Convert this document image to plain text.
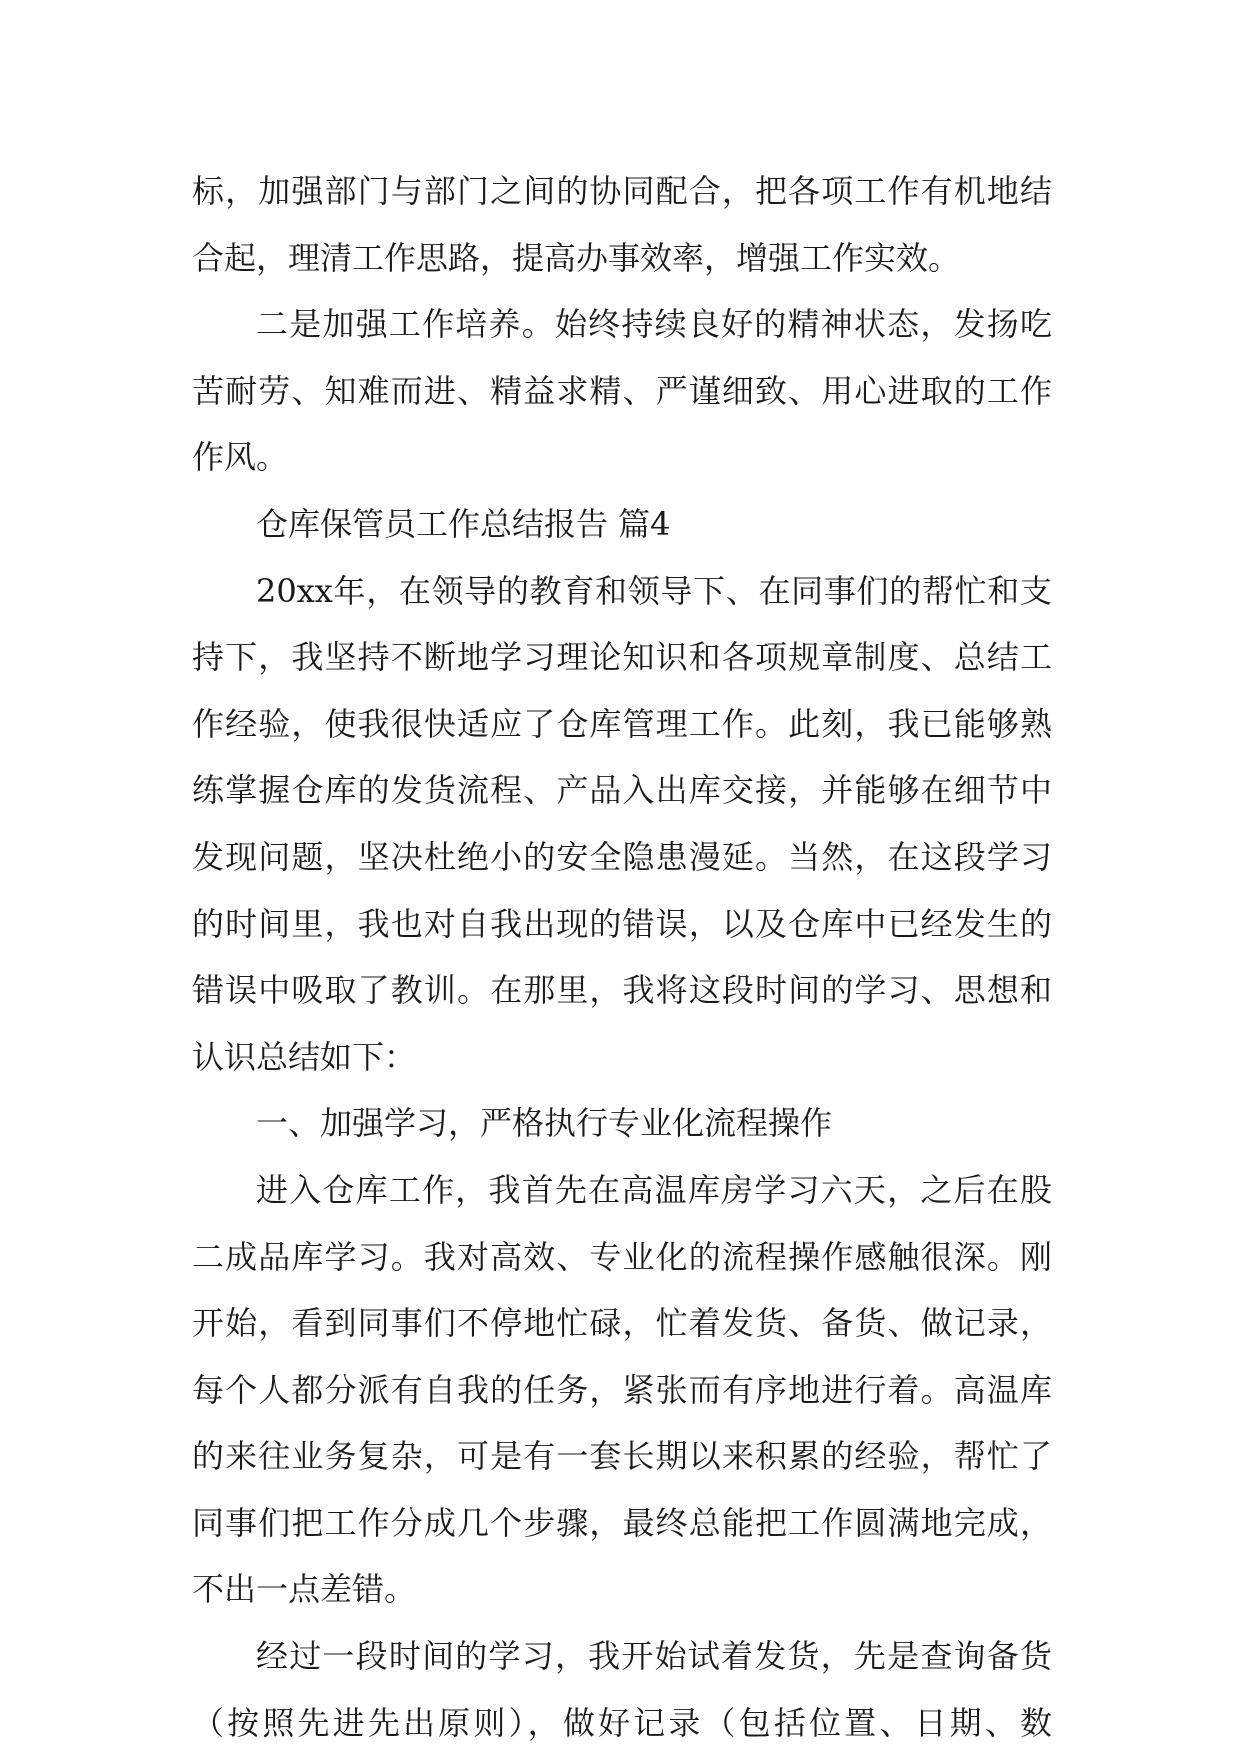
标，加强部门与部门之间的协同配合，把各项工作有机地结
合起，理清工作思路，提高办事效率，增强工作实效。
二是加强工作培养。始终持续良好的精神状态，发扬吃
苦耐劳、知难而进、精益求精、严谨细致、用心进取的工作
作风。
仓库保管员工作总结报告 篇4
20xx年，在领导的教育和领导下、在同事们的帮忙和支
持下，我坚持不断地学习理论知识和各项规章制度、总结工
作经验，使我很快适应了仓库管理工作。此刻，我已能够熟
练掌握仓库的发货流程、产品入出库交接，并能够在细节中
发现问题，坚决杜绝小的安全隐患漫延。当然，在这段学习
的时间里，我也对自我出现的错误，以及仓库中已经发生的
错误中吸取了教训。在那里，我将这段时间的学习、思想和
认识总结如下：
一、加强学习，严格执行专业化流程操作
进入仓库工作，我首先在高温库房学习六天，之后在股
二成品库学习。我对高效、专业化的流程操作感触很深。刚
开始，看到同事们不停地忙碌，忙着发货、备货、做记录，
每个人都分派有自我的任务，紧张而有序地进行着。高温库
的来往业务复杂，可是有一套长期以来积累的经验，帮忙了
同事们把工作分成几个步骤，最终总能把工作圆满地完成，
不出一点差错。
经过一段时间的学习，我开始试着发货，先是查询备货
（按照先进先出原则），做好记录（包括位置、日期、数
